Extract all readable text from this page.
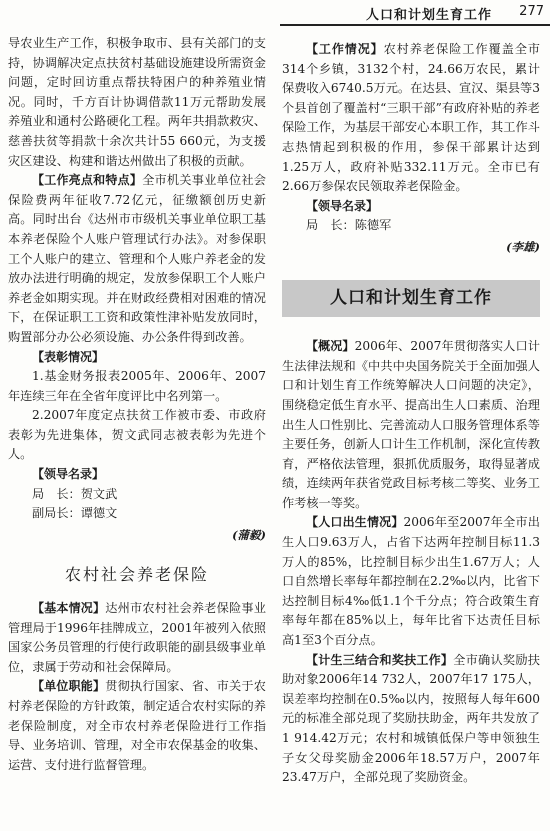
人口和计划生育工作 277

导农业生产工作，积极争取市、县有关部门的支持，协调解决定点扶贫村基础设施建设所需资金问题，定时回访重点帮扶特困户的种养殖业情况。同时，千方百计协调借款11万元帮助发展养殖业和通村公路硬化工程。两年共捐款救灾、慈善扶贫等捐款十余次共计55 660元，为支援灾区建设、构建和谐达州做出了积极的贡献。

【工作亮点和特点】全市机关事业单位社会保险费两年征收7.72亿元，征缴额创历史新高。同时出台《达州市市级机关事业单位职工基本养老保险个人账户管理试行办法》。对参保职工个人账户的建立、管理和个人账户养老金的发放办法进行明确的规定，发放参保职工个人账户养老金如期实现。并在财政经费相对困难的情况下，在保证职工工资和政策性津补贴发放同时，购置部分办公必须设施、办公条件得到改善。

【表彰情况】

1.基金财务报表2005年、2006年、2007年连续三年在全省年度评比中名列第一。

2.2007年度定点扶贫工作被市委、市政府表彰为先进集体，贺文武同志被表彰为先进个人。

【领导名录】

局　长：贺文武
副局长：谭德文
(蒲毅)
农村社会养老保险

【基本情况】达州市农村社会养老保险事业管理局于1996年挂牌成立，2001年被列入依照国家公务员管理的行使行政职能的副县级事业单位，隶属于劳动和社会保障局。

【单位职能】贯彻执行国家、省、市关于农村养老保险的方针政策，制定适合农村实际的养老保险制度，对全市农村养老保险进行工作指导、业务培训、管理，对全市农保基金的收集、运营、支付进行监督管理。

【工作情况】农村养老保险工作覆盖全市314个乡镇，3132个村，24.66万农民，累计保费收入6740.5万元。在达县、宣汉、渠县等3个县首创了覆盖村“三职干部”有政府补贴的养老保险工作，为基层干部安心本职工作，其工作斗志热情起到积极的作用，参保干部累计达到1.25万人，政府补贴332.11万元。全市已有2.66万参保农民领取养老保险金。

【领导名录】

局　长：陈德军
(李雄)
人口和计划生育工作

【概况】2006年、2007年贯彻落实人口计生法律法规和《中共中央国务院关于全面加强人口和计划生育工作统筹解决人口问题的决定》，围绕稳定低生育水平、提高出生人口素质、治理出生人口性别比、完善流动人口服务管理体系等主要任务，创新人口计生工作机制，深化宣传教育，严格依法管理，狠抓优质服务，取得显著成绩，连续两年获省党政目标考核二等奖、业务工作考核一等奖。

【人口出生情况】2006年至2007年全市出生人口9.63万人，占省下达两年控制目标11.3万人的85%，比控制目标少出生1.67万人；人口自然增长率每年都控制在2.2‰以内，比省下达控制目标4‰低1.1个千分点；符合政策生育率每年都在85%以上，每年比省下达责任目标高1至3个百分点。

【计生三结合和奖扶工作】全市确认奖励扶助对象2006年14 732人，2007年17 175人，误差率均控制在0.5‰以内，按照每人每年600元的标准全部兑现了奖励扶助金，两年共发放了1 914.42万元；农村和城镇低保户等申领独生子女父母奖励金2006年18.57万户，2007年23.47万户，全部兑现了奖励资金。
